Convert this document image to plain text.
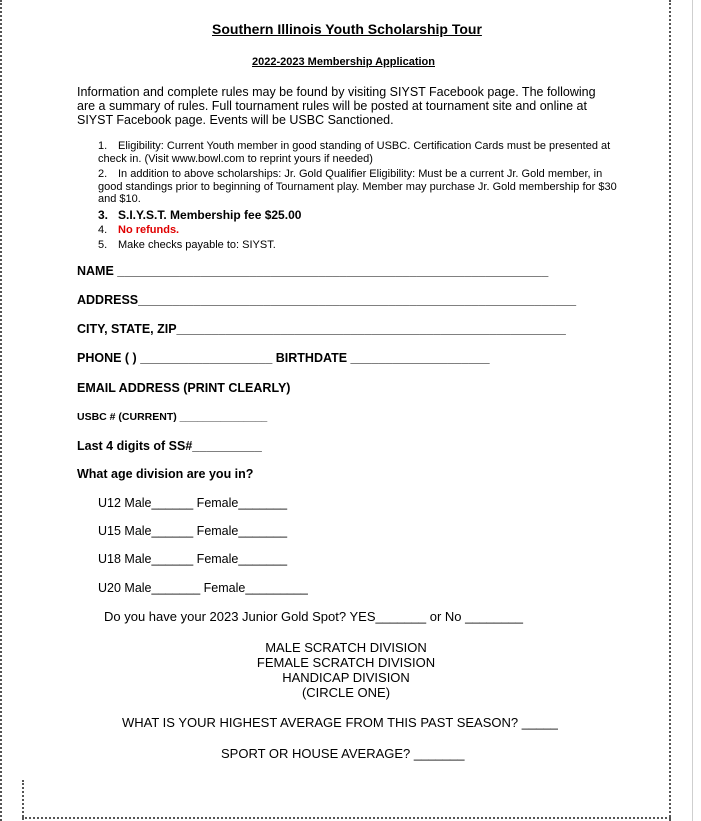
Southern Illinois Youth Scholarship Tour
2022-2023 Membership Application
Information and complete rules may be found by visiting SIYST Facebook page. The following are a summary of rules. Full tournament rules will be posted at tournament site and online at SIYST Facebook page. Events will be USBC Sanctioned.
1. Eligibility: Current Youth member in good standing of USBC. Certification Cards must be presented at check in. (Visit www.bowl.com to reprint yours if needed)
2. In addition to above scholarships: Jr. Gold Qualifier Eligibility: Must be a current Jr. Gold member, in good standings prior to beginning of Tournament play. Member may purchase Jr. Gold membership for $30 and $10.
3. S.I.Y.S.T. Membership fee $25.00
4. No refunds.
5. Make checks payable to: SIYST.
NAME ______________________________________________________________
ADDRESS_______________________________________________________________
CITY, STATE, ZIP________________________________________________________
PHONE ( ) ___________________ BIRTHDATE ____________________
EMAIL ADDRESS (PRINT CLEARLY)
USBC # (CURRENT) _______________
Last 4 digits of SS#__________
What age division are you in?
U12 Male______ Female_______
U15 Male______ Female_______
U18 Male______ Female_______
U20 Male_______ Female_________
Do you have your 2023 Junior Gold Spot? YES_______ or No ________
MALE SCRATCH DIVISION
FEMALE SCRATCH DIVISION
HANDICAP DIVISION
(CIRCLE ONE)
WHAT IS YOUR HIGHEST AVERAGE FROM THIS PAST SEASON? _____
SPORT OR HOUSE AVERAGE? _______
